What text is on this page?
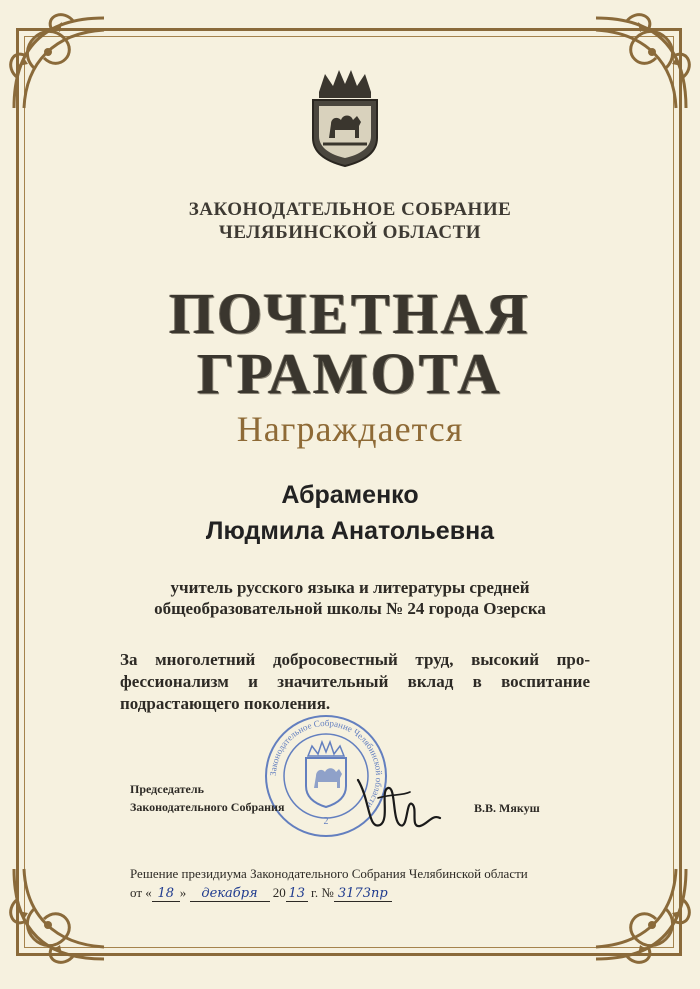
ЗАКОНОДАТЕЛЬНОЕ СОБРАНИЕ
ЧЕЛЯБИНСКОЙ ОБЛАСТИ
ПОЧЕТНАЯ
ГРАМОТА
Награждается
Абраменко
Людмила Анатольевна
учитель русского языка и литературы средней
общеобразовательной школы № 24 города Озерска
За многолетний добросовестный труд, высокий про-
фессионализм и значительный вклад в воспитание
подрастающего поколения.
Законодательное Собрание Челябинской области
2
Председатель
Законодательного Собрания	В.В. Мякуш
Решение президиума Законодательного Собрания Челябинской области
от « 18 » декабря 20 13 г. № 3173пр
